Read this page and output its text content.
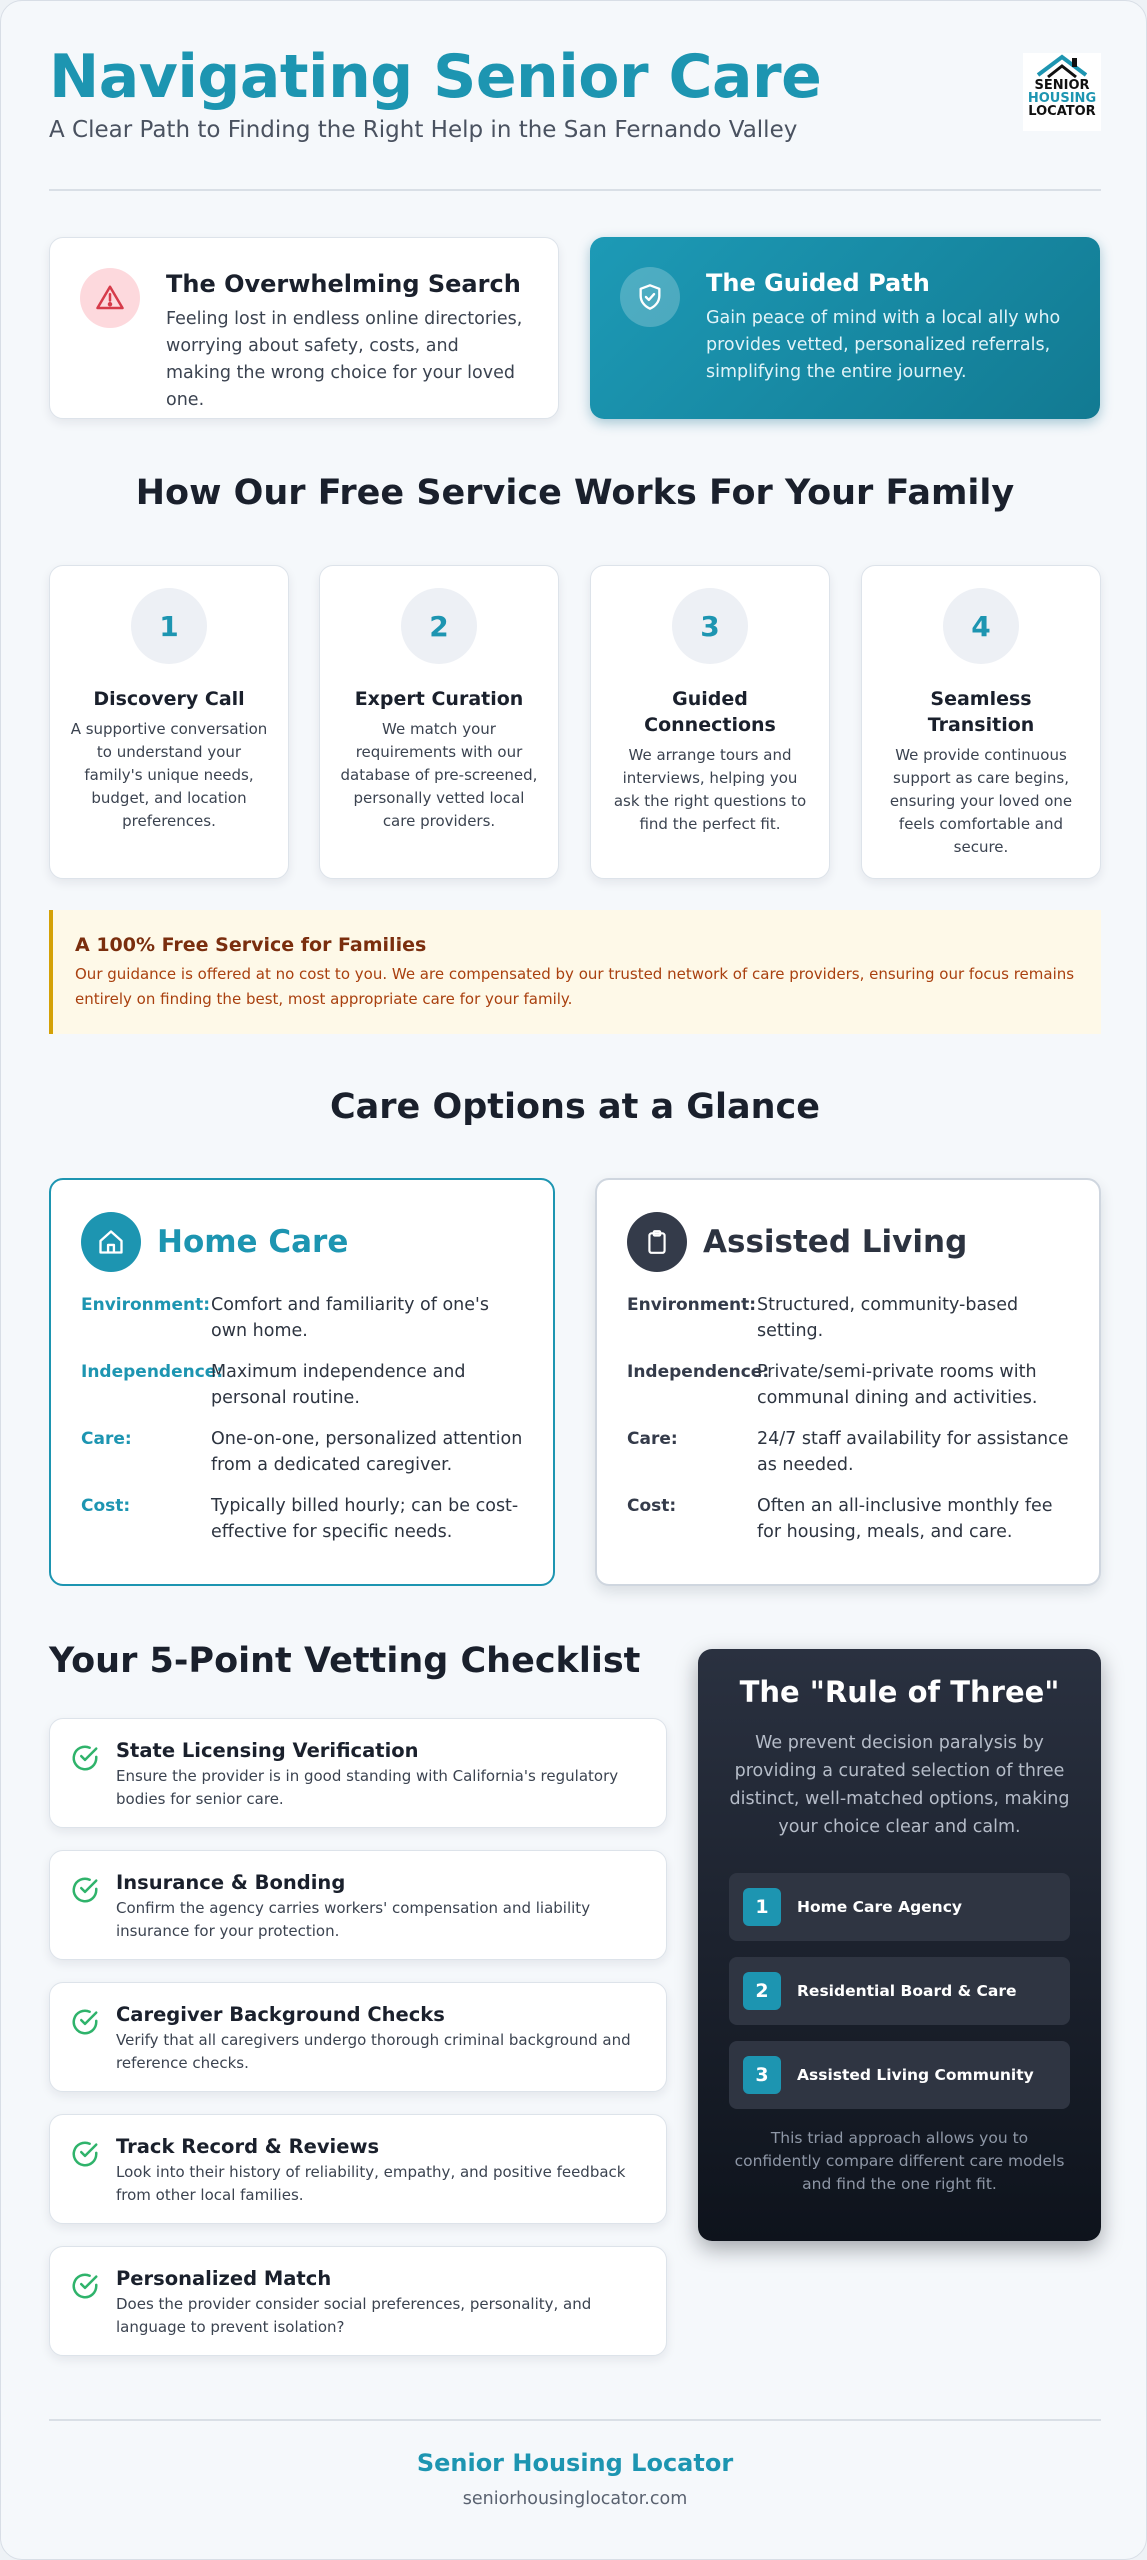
Navigating Senior Care
A Clear Path to Finding the Right Help in the San Fernando Valley
SENIOR
HOUSING
LOCATOR
The Overwhelming Search

Feeling lost in endless online directories, worrying about safety, costs, and making the wrong choice for your loved one.

The Guided Path

Gain peace of mind with a local ally who provides vetted, personalized referrals, simplifying the entire journey.

How Our Free Service Works For Your Family
1
Discovery Call

A supportive conversation to understand your family's unique needs, budget, and location preferences.

2
Expert Curation

We match your requirements with our database of pre-screened, personally vetted local care providers.

3
Guided Connections

We arrange tours and interviews, helping you ask the right questions to find the perfect fit.

4
Seamless Transition

We provide continuous support as care begins, ensuring your loved one feels comfortable and secure.

A 100% Free Service for Families

Our guidance is offered at no cost to you. We are compensated by our trusted network of care providers, ensuring our focus remains entirely on finding the best, most appropriate care for your family.

Care Options at a Glance
Home Care
Environment: Comfort and familiarity of one's own home.
Independence:
Maximum independence and personal routine.
Care:	One-on-one, personalized attention from a dedicated caregiver.
Cost:	Typically billed hourly; can be cost-effective for specific needs.
Assisted Living
Environment: Structured, community-based setting.
Independence:
Private/semi-private rooms with communal dining and activities.
Care:	24/7 staff availability for assistance as needed.
Cost:	Often an all-inclusive monthly fee for housing, meals, and care.
Your 5-Point Vetting Checklist
State Licensing Verification

Ensure the provider is in good standing with California's regulatory bodies for senior care.

Insurance & Bonding

Confirm the agency carries workers' compensation and liability insurance for your protection.

Caregiver Background Checks

Verify that all caregivers undergo thorough criminal background and reference checks.

Track Record & Reviews

Look into their history of reliability, empathy, and positive feedback from other local families.

Personalized Match

Does the provider consider social preferences, personality, and language to prevent isolation?

The "Rule of Three"

We prevent decision paralysis by providing a curated selection of three distinct, well-matched options, making your choice clear and calm.

1	Home Care Agency
2	Residential Board & Care
3	Assisted Living Community

This triad approach allows you to confidently compare different care models and find the one right fit.

Senior Housing Locator
seniorhousinglocator.com
